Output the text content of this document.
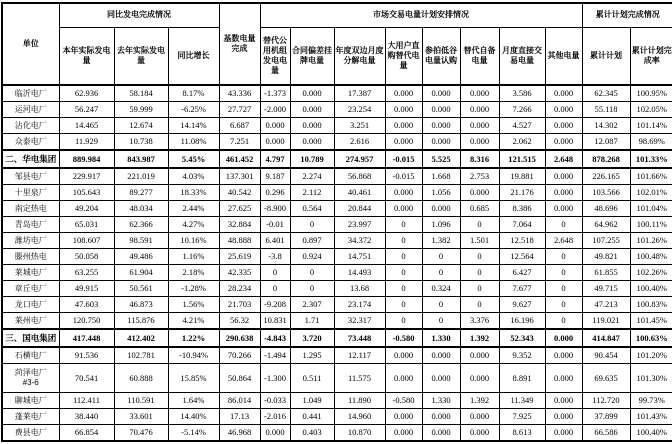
单位	同比发电完成情况			基数电量完成	市场交易电量计划安排情况								累计计划完成情况	
	本年实际发电量	去年实际发电量	同比增长		替代公用机组发电电量	合同偏差挂牌电量	年度双边月度分解电量	大用户直购替代电量	参拍低谷电量认购	替代自备电量	月度直接交易电量	其他电量	累计计划	累计计划完成率
临沂电厂	62.936	58.184	8.17%	43.336	-1.373	0.000	17.387	0.000	0.000	0.000	3.586	0.000	62.345	100.95%
运河电厂	56.247	59.999	-6.25%	27.727	-2.000	0.000	23.254	0.000	0.000	0.000	7.266	0.000	55.118	102.05%
沾化电厂	14.465	12.674	14.14%	6.687	0.000	0.000	3.251	0.000	0.000	0.000	4.527	0.000	14.302	101.14%
众泰电厂	11.929	10.738	11.08%	7.251	0.000	0.000	2.616	0.000	0.000	0.000	2.062	0.000	12.087	98.69%
二、华电集团	889.984	843.987	5.45%	461.452	4.797	10.789	274.957	-0.015	5.525	8.316	121.515	2.648	878.268	101.33%
邹县电厂	229.917	221.019	4.03%	137.301	9.187	2.274	56.868	-0.015	1.668	2.753	19.881	0.000	226.165	101.66%
十里泉厂	105.643	89.277	18.33%	40.542	0.296	2.112	40.461	0.000	1.056	0.000	21.176	0.000	103.566	102.01%
南定热电	49.204	48.034	2.44%	27.625	-8.900	0.564	20.844	0.000	0.000	0.685	8.386	0.000	48.696	101.04%
青岛电厂	65.031	62.366	4.27%	32.884	-0.01	0	23.997	0	1.096	0	7.064	0	64.962	100.11%
潍坊电厂	108.607	98.591	10.16%	48.888	6.401	0.897	34.372	0	1.382	1.501	12.518	2.648	107.255	101.26%
滕州热电	50.058	49.486	1.16%	25.619	-3.8	0.924	14.751	0	0	0	12.564	0	49.821	100.48%
莱城电厂	63.255	61.904	2.18%	42.335	0	0	14.493	0	0	0	6.427	0	61.855	102.26%
章丘电厂	49.915	50.561	-1.28%	28.234	0	0	13.68	0	0.324	0	7.677	0	49.715	100.40%
龙口电厂	47.603	46.873	1.56%	21.703	-9.208	2.307	23.174	0	0	0	9.627	0	47.213	100.83%
莱州电厂	120.750	115.876	4.21%	56.32	10.831	1.71	32.317	0	0	3.376	16.196	0	119.021	101.45%
三、国电集团	417.448	412.402	1.22%	290.638	-4.843	3.720	73.448	-0.580	1.330	1.392	52.343	0.000	414.847	100.63%
石横电厂	91.536	102.781	-10.94%	70.266	-1.494	1.295	12.117	0.000	0.000	0.000	9.352	0.000	90.454	101.20%
菏泽电厂
#3-6	70.541	60.888	15.85%	50.864	-1.300	0.511	11.575	0.000	0.000	0.000	8.891	0.000	69.635	101.30%
聊城电厂	112.411	110.591	1.64%	86.014	-0.033	1.049	11.890	-0.580	1.330	1.392	11.349	0.000	112.720	99.73%
蓬莱电厂	38.440	33.601	14.40%	17.13	-2.016	0.441	14.960	0.000	0.000	0.000	7.925	0.000	37.899	101.43%
费县电厂	66.854	70.476	-5.14%	46.968	0.000	0.403	10.870	0.000	0.000	0.000	8.613	0.000	66.586	100.40%
